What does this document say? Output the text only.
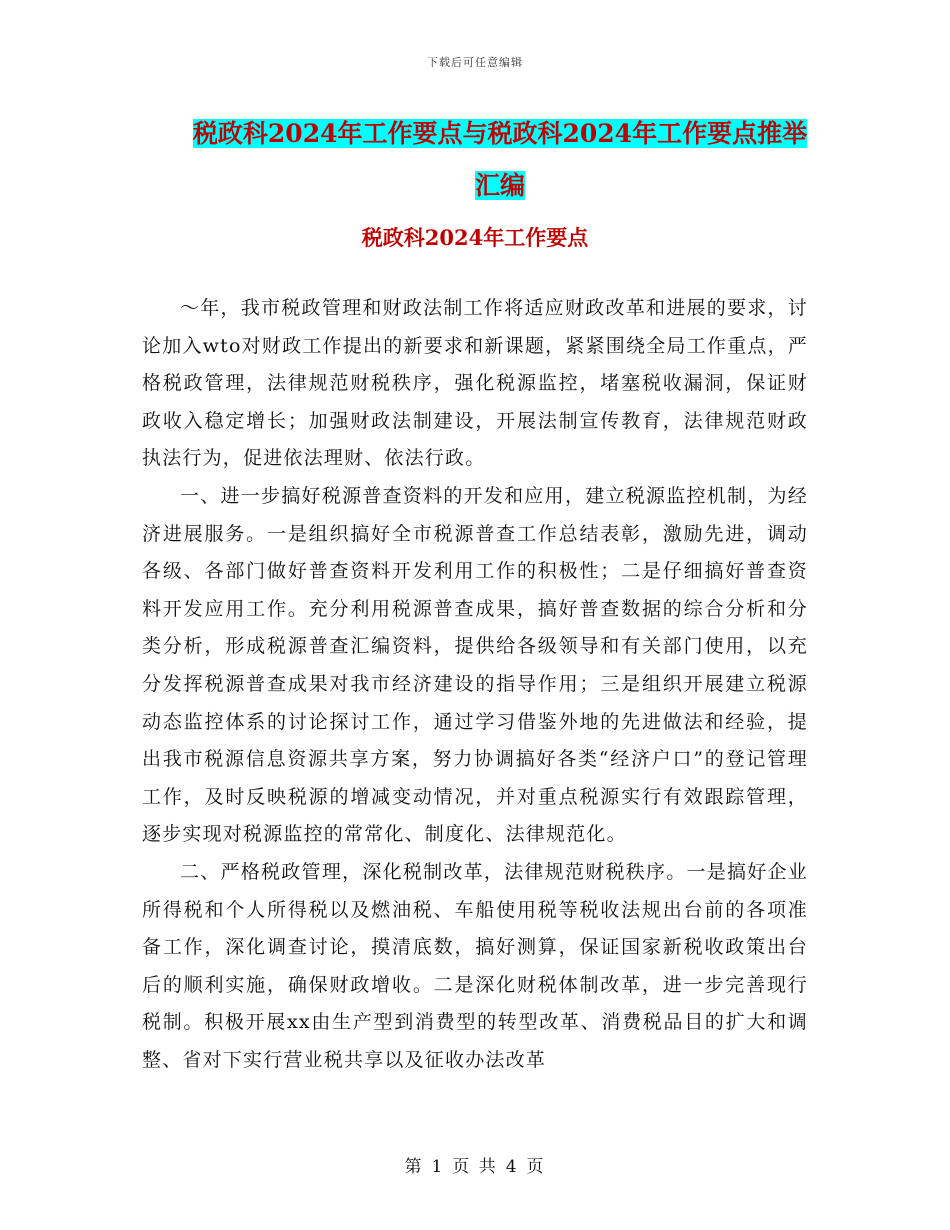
下载后可任意编辑
税政科2024年工作要点与税政科2024年工作要点推举汇编
税政科2024年工作要点

～年，我市税政管理和财政法制工作将适应财政改革和进展的要求，讨论加入wto对财政工作提出的新要求和新课题，紧紧围绕全局工作重点，严格税政管理，法律规范财税秩序，强化税源监控，堵塞税收漏洞，保证财政收入稳定增长；加强财政法制建设，开展法制宣传教育，法律规范财政执法行为，促进依法理财、依法行政。

一、进一步搞好税源普查资料的开发和应用，建立税源监控机制，为经济进展服务。一是组织搞好全市税源普查工作总结表彰，激励先进，调动各级、各部门做好普查资料开发利用工作的积极性；二是仔细搞好普查资料开发应用工作。充分利用税源普查成果，搞好普查数据的综合分析和分类分析，形成税源普查汇编资料，提供给各级领导和有关部门使用，以充分发挥税源普查成果对我市经济建设的指导作用；三是组织开展建立税源动态监控体系的讨论探讨工作，通过学习借鉴外地的先进做法和经验，提出我市税源信息资源共享方案，努力协调搞好各类“经济户口”的登记管理工作，及时反映税源的增减变动情况，并对重点税源实行有效跟踪管理，逐步实现对税源监控的常常化、制度化、法律规范化。

二、严格税政管理，深化税制改革，法律规范财税秩序。一是搞好企业所得税和个人所得税以及燃油税、车船使用税等税收法规出台前的各项准备工作，深化调查讨论，摸清底数，搞好测算，保证国家新税收政策出台后的顺利实施，确保财政增收。二是深化财税体制改革，进一步完善现行税制。积极开展xx由生产型到消费型的转型改革、消费税品目的扩大和调整、省对下实行营业税共享以及征收办法改革

第 1 页 共 4 页
